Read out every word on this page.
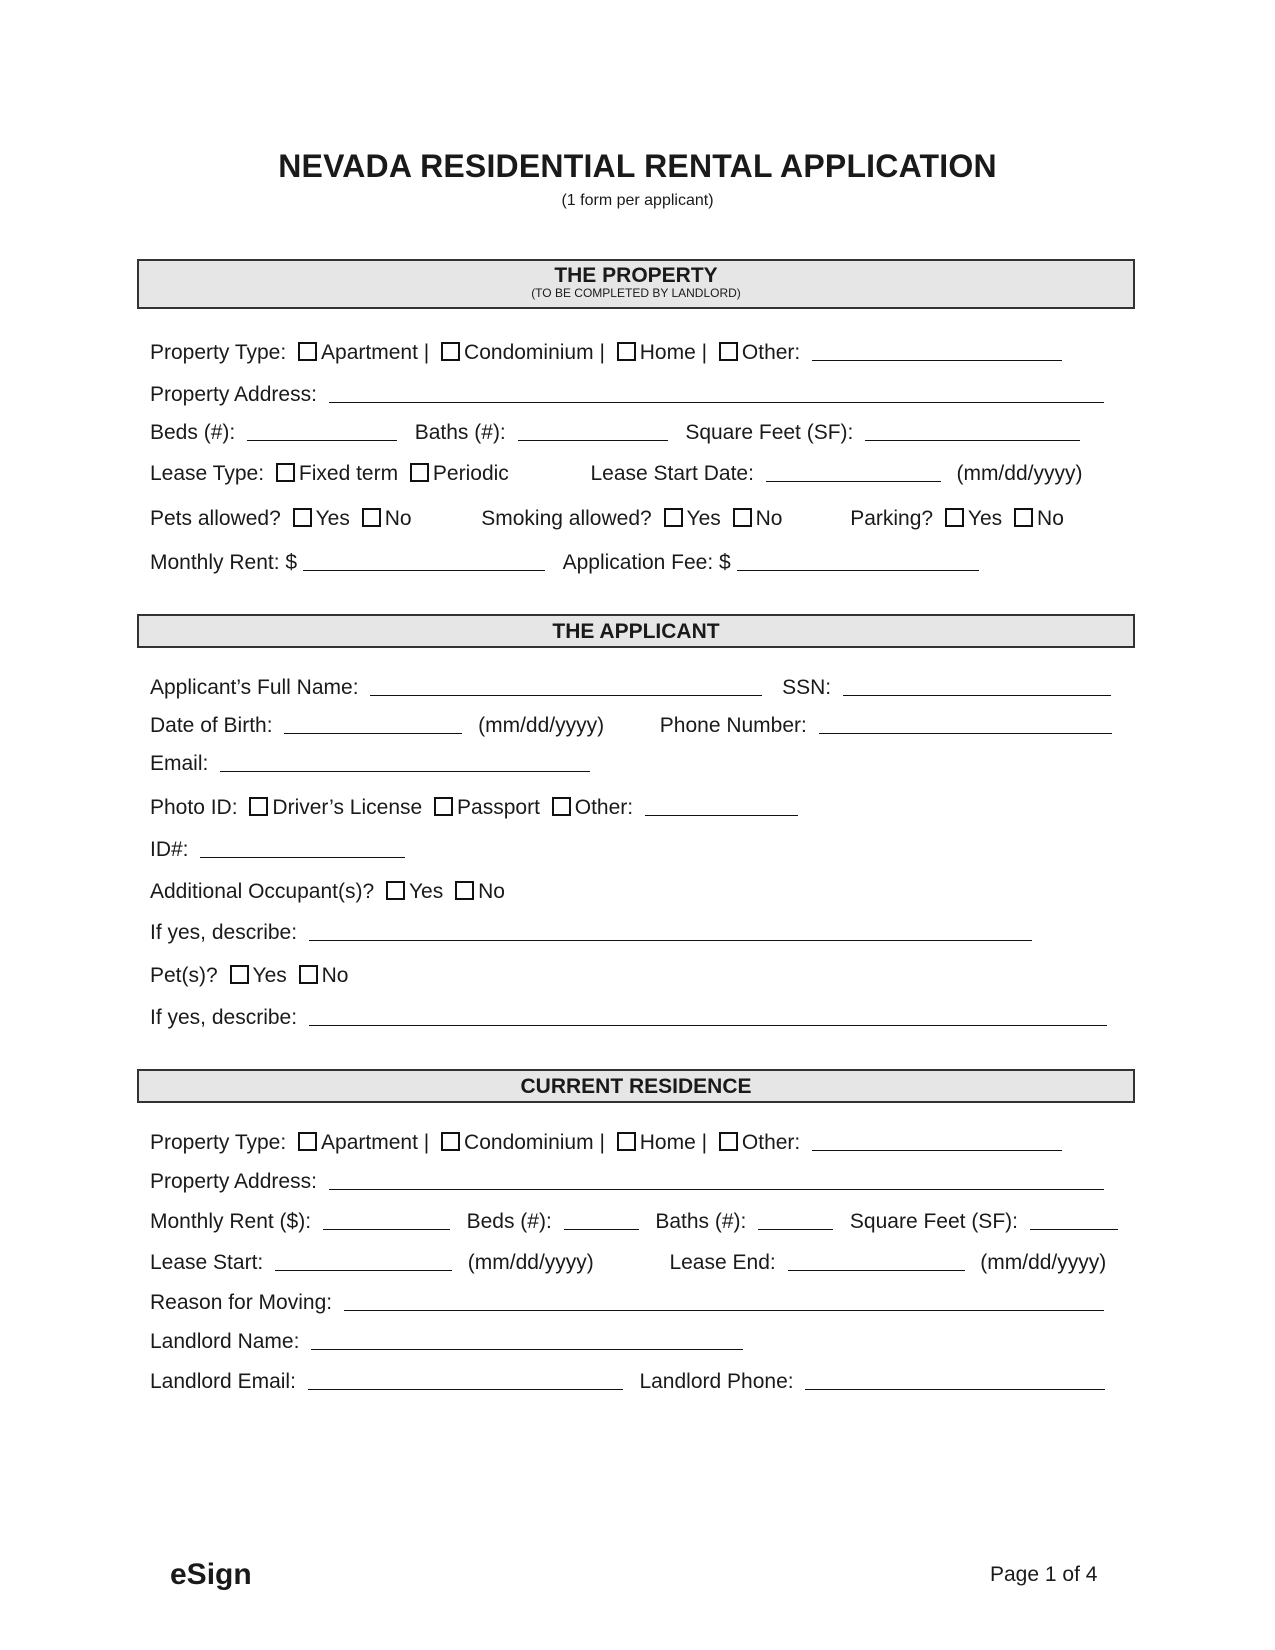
NEVADA RESIDENTIAL RENTAL APPLICATION
(1 form per applicant)
THE PROPERTY
(TO BE COMPLETED BY LANDLORD)
Property Type: Apartment | Condominium | Home | Other:
Property Address:
Beds (#):	Baths (#):	Square Feet (SF):
Lease Type: Fixed term Periodic	Lease Start Date:	(mm/dd/yyyy)
Pets allowed? Yes No	Smoking allowed? Yes No	Parking? Yes No
Monthly Rent: $	Application Fee: $
THE APPLICANT
Applicant’s Full Name:	SSN:
Date of Birth:	(mm/dd/yyyy)	Phone Number:
Email:
Photo ID: Driver’s License Passport Other:
ID#:
Additional Occupant(s)? Yes No
If yes, describe:
Pet(s)? Yes No
If yes, describe:
CURRENT RESIDENCE
Property Type: Apartment | Condominium | Home | Other:
Property Address:
Monthly Rent ($):	Beds (#):	Baths (#):	Square Feet (SF):
Lease Start:	(mm/dd/yyyy)	Lease End:	(mm/dd/yyyy)
Reason for Moving:
Landlord Name:
Landlord Email:	Landlord Phone:
eSign	Page 1 of 4
